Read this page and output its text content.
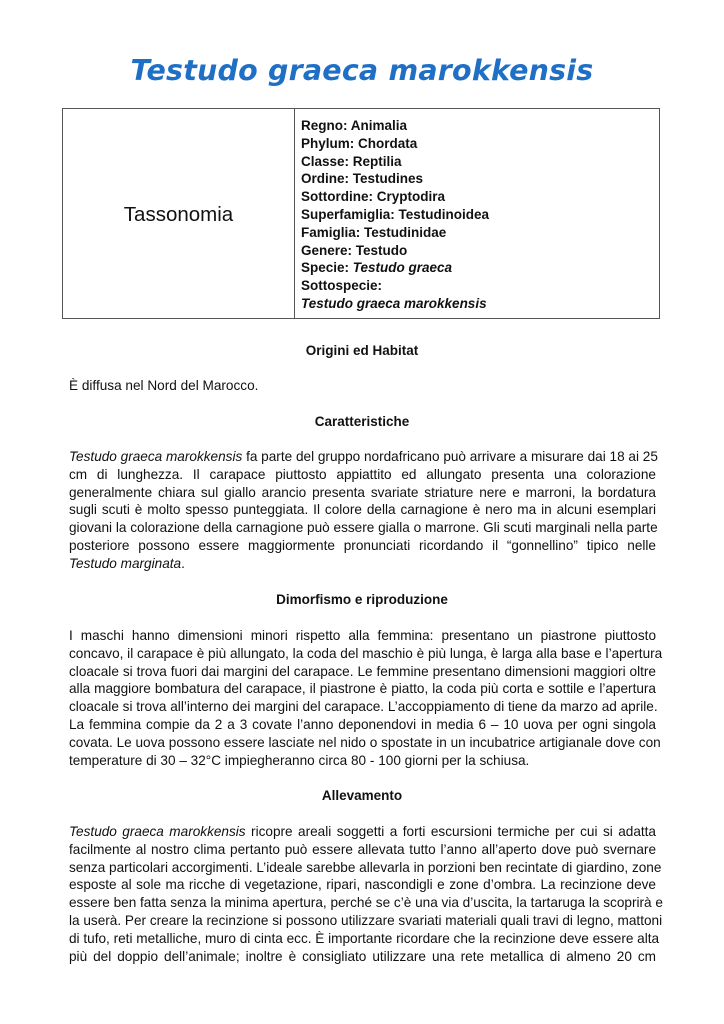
Testudo graeca marokkensis
Tassonomia
Regno: Animalia
Phylum: Chordata
Classe: Reptilia
Ordine: Testudines
Sottordine: Cryptodira
Superfamiglia: Testudinoidea
Famiglia: Testudinidae
Genere: Testudo
Specie: Testudo graeca
Sottospecie:
Testudo graeca marokkensis
Origini ed Habitat
È diffusa nel Nord del Marocco.
Caratteristiche
Testudo graeca marokkensis fa parte del gruppo nordafricano può arrivare a misurare dai 18 ai 25
cm di lunghezza. Il carapace piuttosto appiattito ed allungato presenta una colorazione
generalmente chiara sul giallo arancio presenta svariate striature nere e marroni, la bordatura
sugli scuti è molto spesso punteggiata. Il colore della carnagione è nero ma in alcuni esemplari
giovani la colorazione della carnagione può essere gialla o marrone. Gli scuti marginali nella parte
posteriore possono essere maggiormente pronunciati ricordando il “gonnellino” tipico nelle
Testudo marginata.
Dimorfismo e riproduzione
I maschi hanno dimensioni minori rispetto alla femmina: presentano un piastrone piuttosto
concavo, il carapace è più allungato, la coda del maschio è più lunga, è larga alla base e l’apertura
cloacale si trova fuori dai margini del carapace. Le femmine presentano dimensioni maggiori oltre
alla maggiore bombatura del carapace, il piastrone è piatto, la coda più corta e sottile e l’apertura
cloacale si trova all’interno dei margini del carapace. L’accoppiamento di tiene da marzo ad aprile.
La femmina compie da 2 a 3 covate l’anno deponendovi in media 6 – 10 uova per ogni singola
covata. Le uova possono essere lasciate nel nido o spostate in un incubatrice artigianale dove con
temperature di 30 – 32°C impiegheranno circa 80 - 100 giorni per la schiusa.
Allevamento
Testudo graeca marokkensis ricopre areali soggetti a forti escursioni termiche per cui si adatta
facilmente al nostro clima pertanto può essere allevata tutto l’anno all’aperto dove può svernare
senza particolari accorgimenti. L’ideale sarebbe allevarla in porzioni ben recintate di giardino, zone
esposte al sole ma ricche di vegetazione, ripari, nascondigli e zone d’ombra. La recinzione deve
essere ben fatta senza la minima apertura, perché se c’è una via d’uscita, la tartaruga la scoprirà e
la userà. Per creare la recinzione si possono utilizzare svariati materiali quali travi di legno, mattoni
di tufo, reti metalliche, muro di cinta ecc. È importante ricordare che la recinzione deve essere alta
più del doppio dell’animale; inoltre è consigliato utilizzare una rete metallica di almeno 20 cm
